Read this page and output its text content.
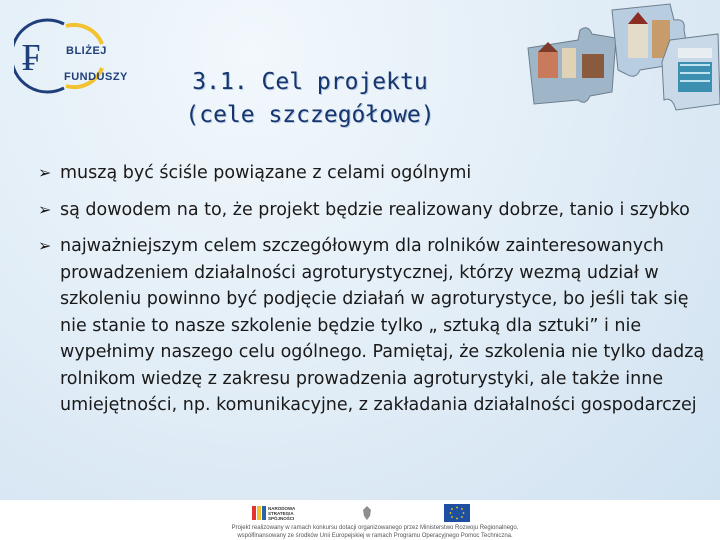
₣ BLIŻEJ
FUNDUSZY	3.1. Cel projektu
(cele szczegółowe)
➢ muszą być ściśle powiązane z celami ogólnymi
➢ są dowodem na to, że projekt będzie realizowany dobrze, tanio i szybko
➢ najważniejszym celem szczegółowym dla rolników zainteresowanych prowadzeniem działalności agroturystycznej, którzy wezmą udział w szkoleniu powinno być podjęcie działań w agroturystyce, bo jeśli tak się nie stanie to nasze szkolenie będzie tylko „ sztuką dla sztuki” i nie wypełnimy naszego celu ogólnego. Pamiętaj, że szkolenia nie tylko dadzą rolnikom wiedzę z zakresu prowadzenia agroturystyki, ale także inne umiejętności, np. komunikacyjne, z zakładania działalności gospodarczej
NARODOWA STRATEGIA SPÓJNOŚCI
Projekt realizowany w ramach konkursu dotacji organizowanego przez Ministerstwo Rozwoju Regionalnego,
współfinansowany ze środków Unii Europejskiej w ramach Programu Operacyjnego Pomoc Techniczna.
